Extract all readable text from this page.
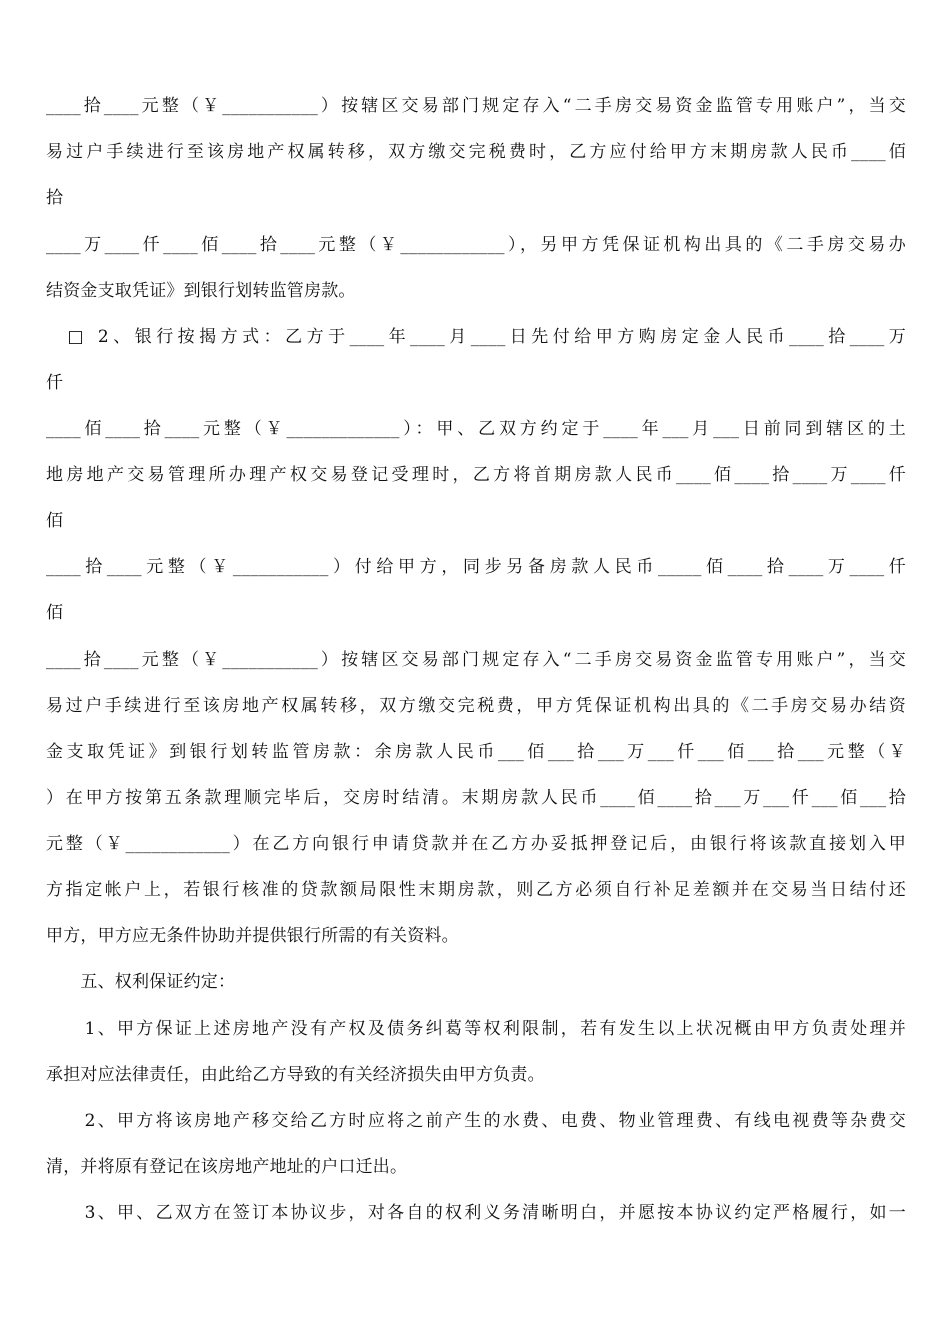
____拾____元整（￥___________）按辖区交易部门规定存入“二手房交易资金监管专用账户”，当交
易过户手续进行至该房地产权属转移，双方缴交完税费时，乙方应付给甲方末期房款人民币____佰
拾
____万____仟____佰____拾____元整（￥____________），另甲方凭保证机构出具的《二手房交易办
结资金支取凭证》到银行划转监管房款。
　□ 2、银行按揭方式：乙方于____年____月____日先付给甲方购房定金人民币____拾____万
仟
____佰____拾____元整（￥_____________）：甲、乙双方约定于____年___月___日前同到辖区的土
地房地产交易管理所办理产权交易登记受理时，乙方将首期房款人民币____佰____拾____万____仟
佰
____拾____元整（￥___________）付给甲方，同步另备房款人民币_____佰____拾____万____仟
佰
____拾____元整（￥___________）按辖区交易部门规定存入“二手房交易资金监管专用账户”，当交
易过户手续进行至该房地产权属转移，双方缴交完税费，甲方凭保证机构出具的《二手房交易办结资
金支取凭证》到银行划转监管房款：余房款人民币___佰___拾___万___仟___佰___拾___元整（￥
）在甲方按第五条款理顺完毕后，交房时结清。末期房款人民币____佰____拾___万___仟___佰___拾
元整（￥____________）在乙方向银行申请贷款并在乙方办妥抵押登记后，由银行将该款直接划入甲
方指定帐户上，若银行核准的贷款额局限性末期房款，则乙方必须自行补足差额并在交易当日结付还
甲方，甲方应无条件协助并提供银行所需的有关资料。
　　五、权利保证约定：
　　1、甲方保证上述房地产没有产权及债务纠葛等权利限制，若有发生以上状况概由甲方负责处理并
承担对应法律责任，由此给乙方导致的有关经济损失由甲方负责。
　　2、甲方将该房地产移交给乙方时应将之前产生的水费、电费、物业管理费、有线电视费等杂费交
清，并将原有登记在该房地产地址的户口迁出。
　　3、甲、乙双方在签订本协议步，对各自的权利义务清晰明白，并愿按本协议约定严格履行，如一
